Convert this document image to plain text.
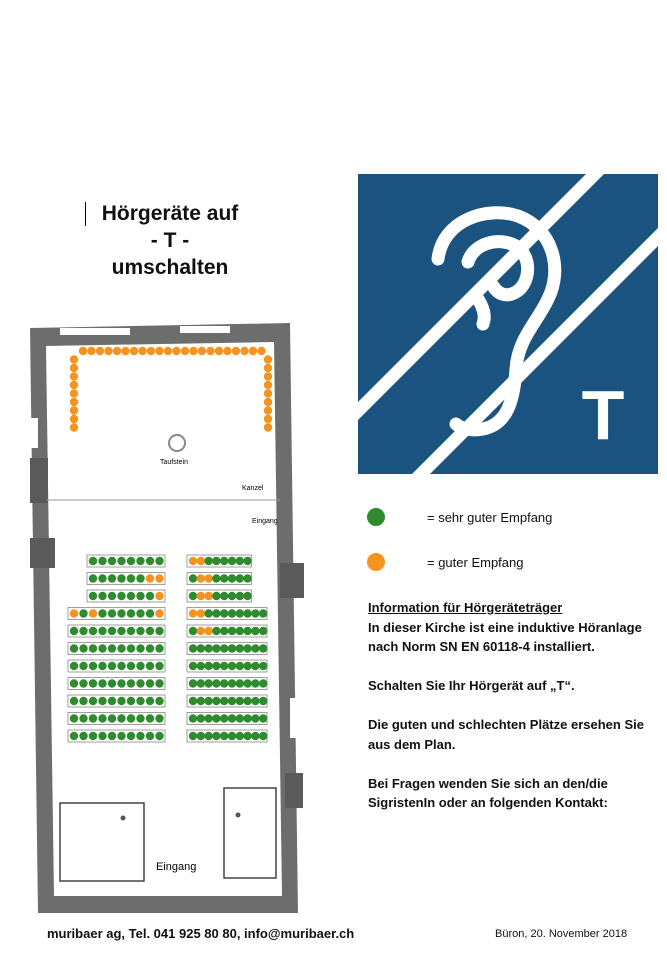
Hörgeräte auf
- T -
umschalten
T
Taufstein
Kanzel
Eingang
Eingang
= sehr guter Empfang
= guter Empfang

Information für Hörgeräteträger
In dieser Kirche ist eine induktive Höranlage nach Norm SN EN 60118-4 installiert.

Schalten Sie Ihr Hörgerät auf „T“.

Die guten und schlechten Plätze ersehen Sie aus dem Plan.

Bei Fragen wenden Sie sich an den/die SigristenIn oder an folgenden Kontakt:

muribaer ag, Tel. 041 925 80 80, info@muribaer.ch	Büron, 20. November 2018
